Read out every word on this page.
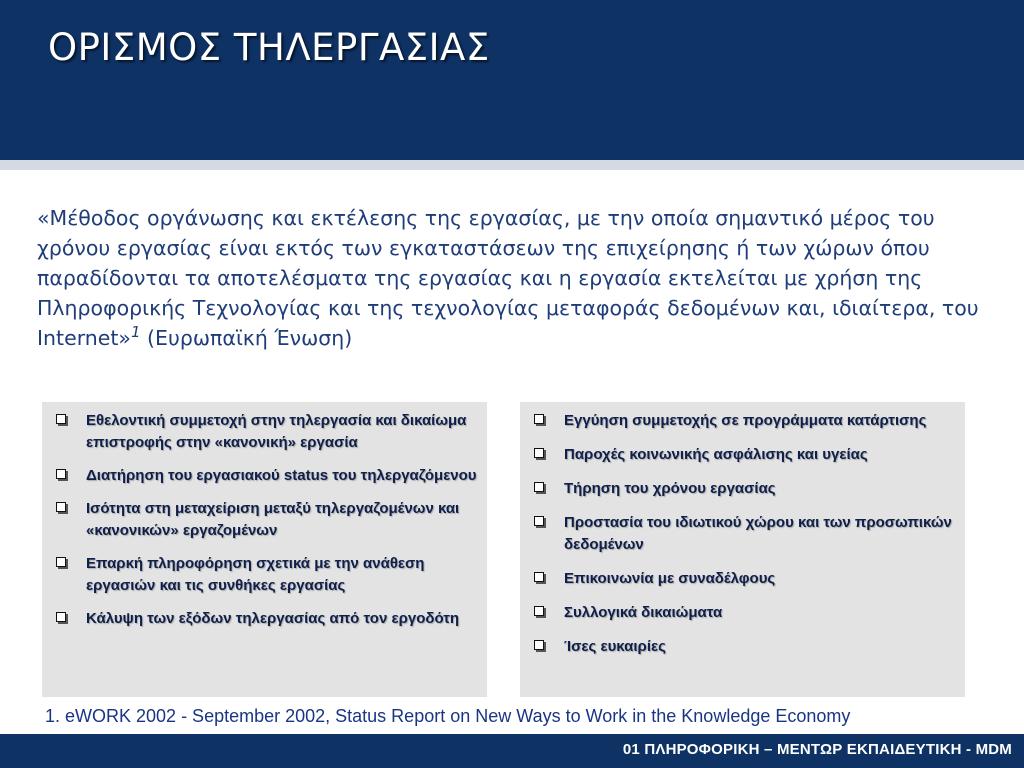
ΟΡΙΣΜΟΣ ΤΗΛΕΡΓΑΣΙΑΣ
«Μέθοδος οργάνωσης και εκτέλεσης της εργασίας, με την οποία σημαντικό μέρος του χρόνου εργασίας είναι εκτός των εγκαταστάσεων της επιχείρησης ή των χώρων όπου παραδίδονται τα αποτελέσματα της εργασίας και η εργασία εκτελείται με χρήση της Πληροφορικής Τεχνολογίας και της τεχνολογίας μεταφοράς δεδομένων και, ιδιαίτερα, του Internet»$^1$ (Ευρωπαϊκή Ένωση)
Εθελοντική συμμετοχή στην τηλεργασία και δικαίωμα επιστροφής στην «κανονική» εργασία
Διατήρηση του εργασιακού status του τηλεργαζόμενου
Ισότητα στη μεταχείριση μεταξύ τηλεργαζομένων και «κανονικών» εργαζομένων
Επαρκή πληροφόρηση σχετικά με την ανάθεση εργασιών και τις συνθήκες εργασίας
Κάλυψη των εξόδων τηλεργασίας από τον εργοδότη
Εγγύηση συμμετοχής σε προγράμματα κατάρτισης
Παροχές κοινωνικής ασφάλισης και υγείας
Τήρηση του χρόνου εργασίας
Προστασία του ιδιωτικού χώρου και των προσωπικών δεδομένων
Επικοινωνία με συναδέλφους
Συλλογικά δικαιώματα
Ίσες ευκαιρίες

1. eWORK 2002 - September 2002, Status Report on New Ways to Work in the Knowledge Economy

01 ΠΛΗΡΟΦΟΡΙΚΗ – ΜΕΝΤΩΡ ΕΚΠΑΙΔΕΥΤΙΚΗ - MDM
